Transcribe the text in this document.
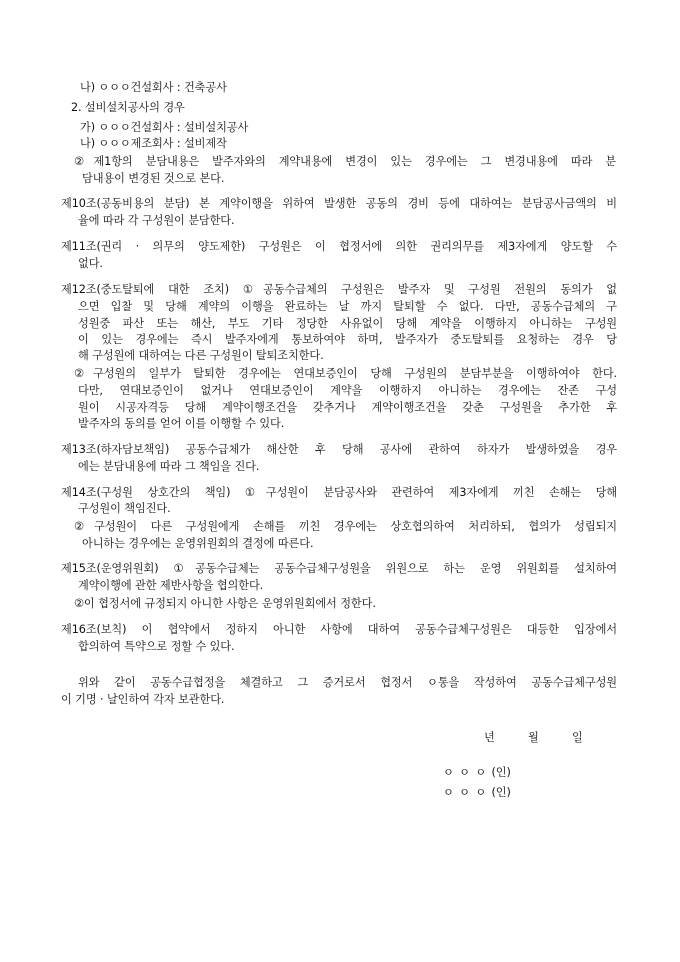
나) ㅇㅇㅇ건설회사 : 건축공사
2. 설비설치공사의 경우
가) ㅇㅇㅇ건설회사 : 설비설치공사
나) ㅇㅇㅇ제조회사 : 설비제작
②제1항의 분담내용은 발주자와의 계약내용에 변경이 있는 경우에는 그 변경내용에 따라 분
담내용이 변경된 것으로 본다.
제10조(공동비용의 분담) 본 계약이행을 위하여 발생한 공동의 경비 등에 대하여는 분담공사금액의 비
율에 따라 각 구성원이 분담한다.
제11조(권리 · 의무의 양도제한) 구성원은 이 협정서에 의한 권리의무를 제3자에게 양도할 수
없다.
제12조(중도탈퇴에 대한 조치) ①공동수급체의 구성원은 발주자 및 구성원 전원의 동의가 없
으면 입찰 및 당해 계약의 이행을 완료하는 날 까지 탈퇴할 수 없다. 다만, 공동수급체의 구
성원중 파산 또는 해산, 부도 기타 정당한 사유없이 당해 계약을 이행하지 아니하는 구성원
이 있는 경우에는 즉시 발주자에게 통보하여야 하며, 발주자가 중도탈퇴를 요청하는 경우 당
해 구성원에 대하여는 다른 구성원이 탈퇴조치한다.
②구성원의 일부가 탈퇴한 경우에는 연대보증인이 당해 구성원의 분담부분을 이행하여야 한다.
다만, 연대보증인이 없거나 연대보증인이 계약을 이행하지 아니하는 경우에는 잔존 구성
원이 시공자격등 당해 계약이행조건을 갖추거나 계약이행조건을 갖춘 구성원을 추가한 후
발주자의 동의를 얻어 이를 이행할 수 있다.
제13조(하자담보책임) 공동수급체가 해산한 후 당해 공사에 관하여 하자가 발생하였을 경우
에는 분담내용에 따라 그 책임을 진다.
제14조(구성원 상호간의 책임) ①구성원이 분담공사와 관련하여 제3자에게 끼친 손해는 당해
구성원이 책임진다.
②구성원이 다른 구성원에게 손해를 끼친 경우에는 상호협의하여 처리하되, 협의가 성립되지
아니하는 경우에는 운영위원회의 결정에 따른다.
제15조(운영위원회) ①공동수급체는 공동수급체구성원을 위원으로 하는 운영 위원회를 설치하여
계약이행에 관한 제반사항을 협의한다.
②이 협정서에 규정되지 아니한 사항은 운영위원회에서 정한다.
제16조(보칙) 이 협약에서 정하지 아니한 사항에 대하여 공동수급체구성원은 대등한 입장에서
합의하여 특약으로 정할 수 있다.
위와 같이 공동수급협정을 체결하고 그 증거로서 협정서 ㅇ통을 작성하여 공동수급체구성원
이 기명 · 날인하여 각자 보관한다.
년	월	일
ㅇ ㅇ ㅇ (인)
ㅇ ㅇ ㅇ (인)
